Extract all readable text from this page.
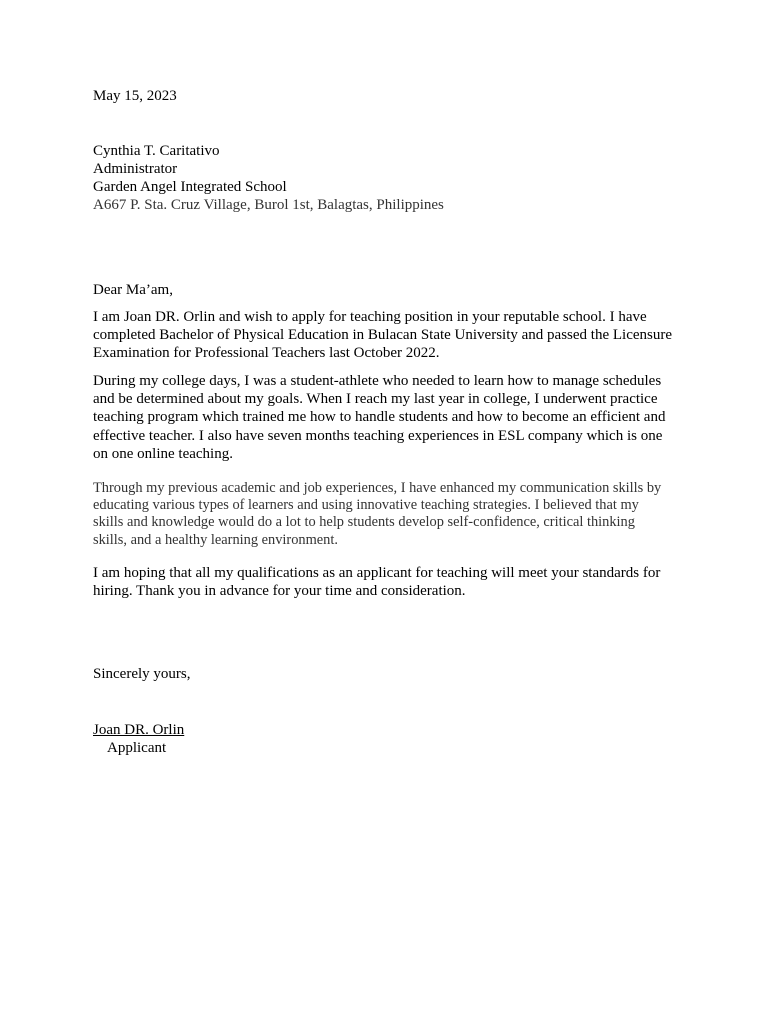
May 15, 2023
Cynthia T. Caritativo
Administrator
Garden Angel Integrated School
A667 P. Sta. Cruz Village, Burol 1st, Balagtas, Philippines
Dear Ma’am,
I am Joan DR. Orlin and wish to apply for teaching position in your reputable school. I have completed Bachelor of Physical Education in Bulacan State University and passed the Licensure Examination for Professional Teachers last October 2022.
During my college days, I was a student-athlete who needed to learn how to manage schedules and be determined about my goals. When I reach my last year in college, I underwent practice teaching program which trained me how to handle students and how to become an efficient and effective teacher. I also have seven months teaching experiences in ESL company which is one on one online teaching.
Through my previous academic and job experiences, I have enhanced my communication skills by educating various types of learners and using innovative teaching strategies. I believed that my skills and knowledge would do a lot to help students develop self-confidence, critical thinking skills, and a healthy learning environment.
I am hoping that all my qualifications as an applicant for teaching will meet your standards for hiring. Thank you in advance for your time and consideration.
Sincerely yours,
Joan DR. Orlin
Applicant
